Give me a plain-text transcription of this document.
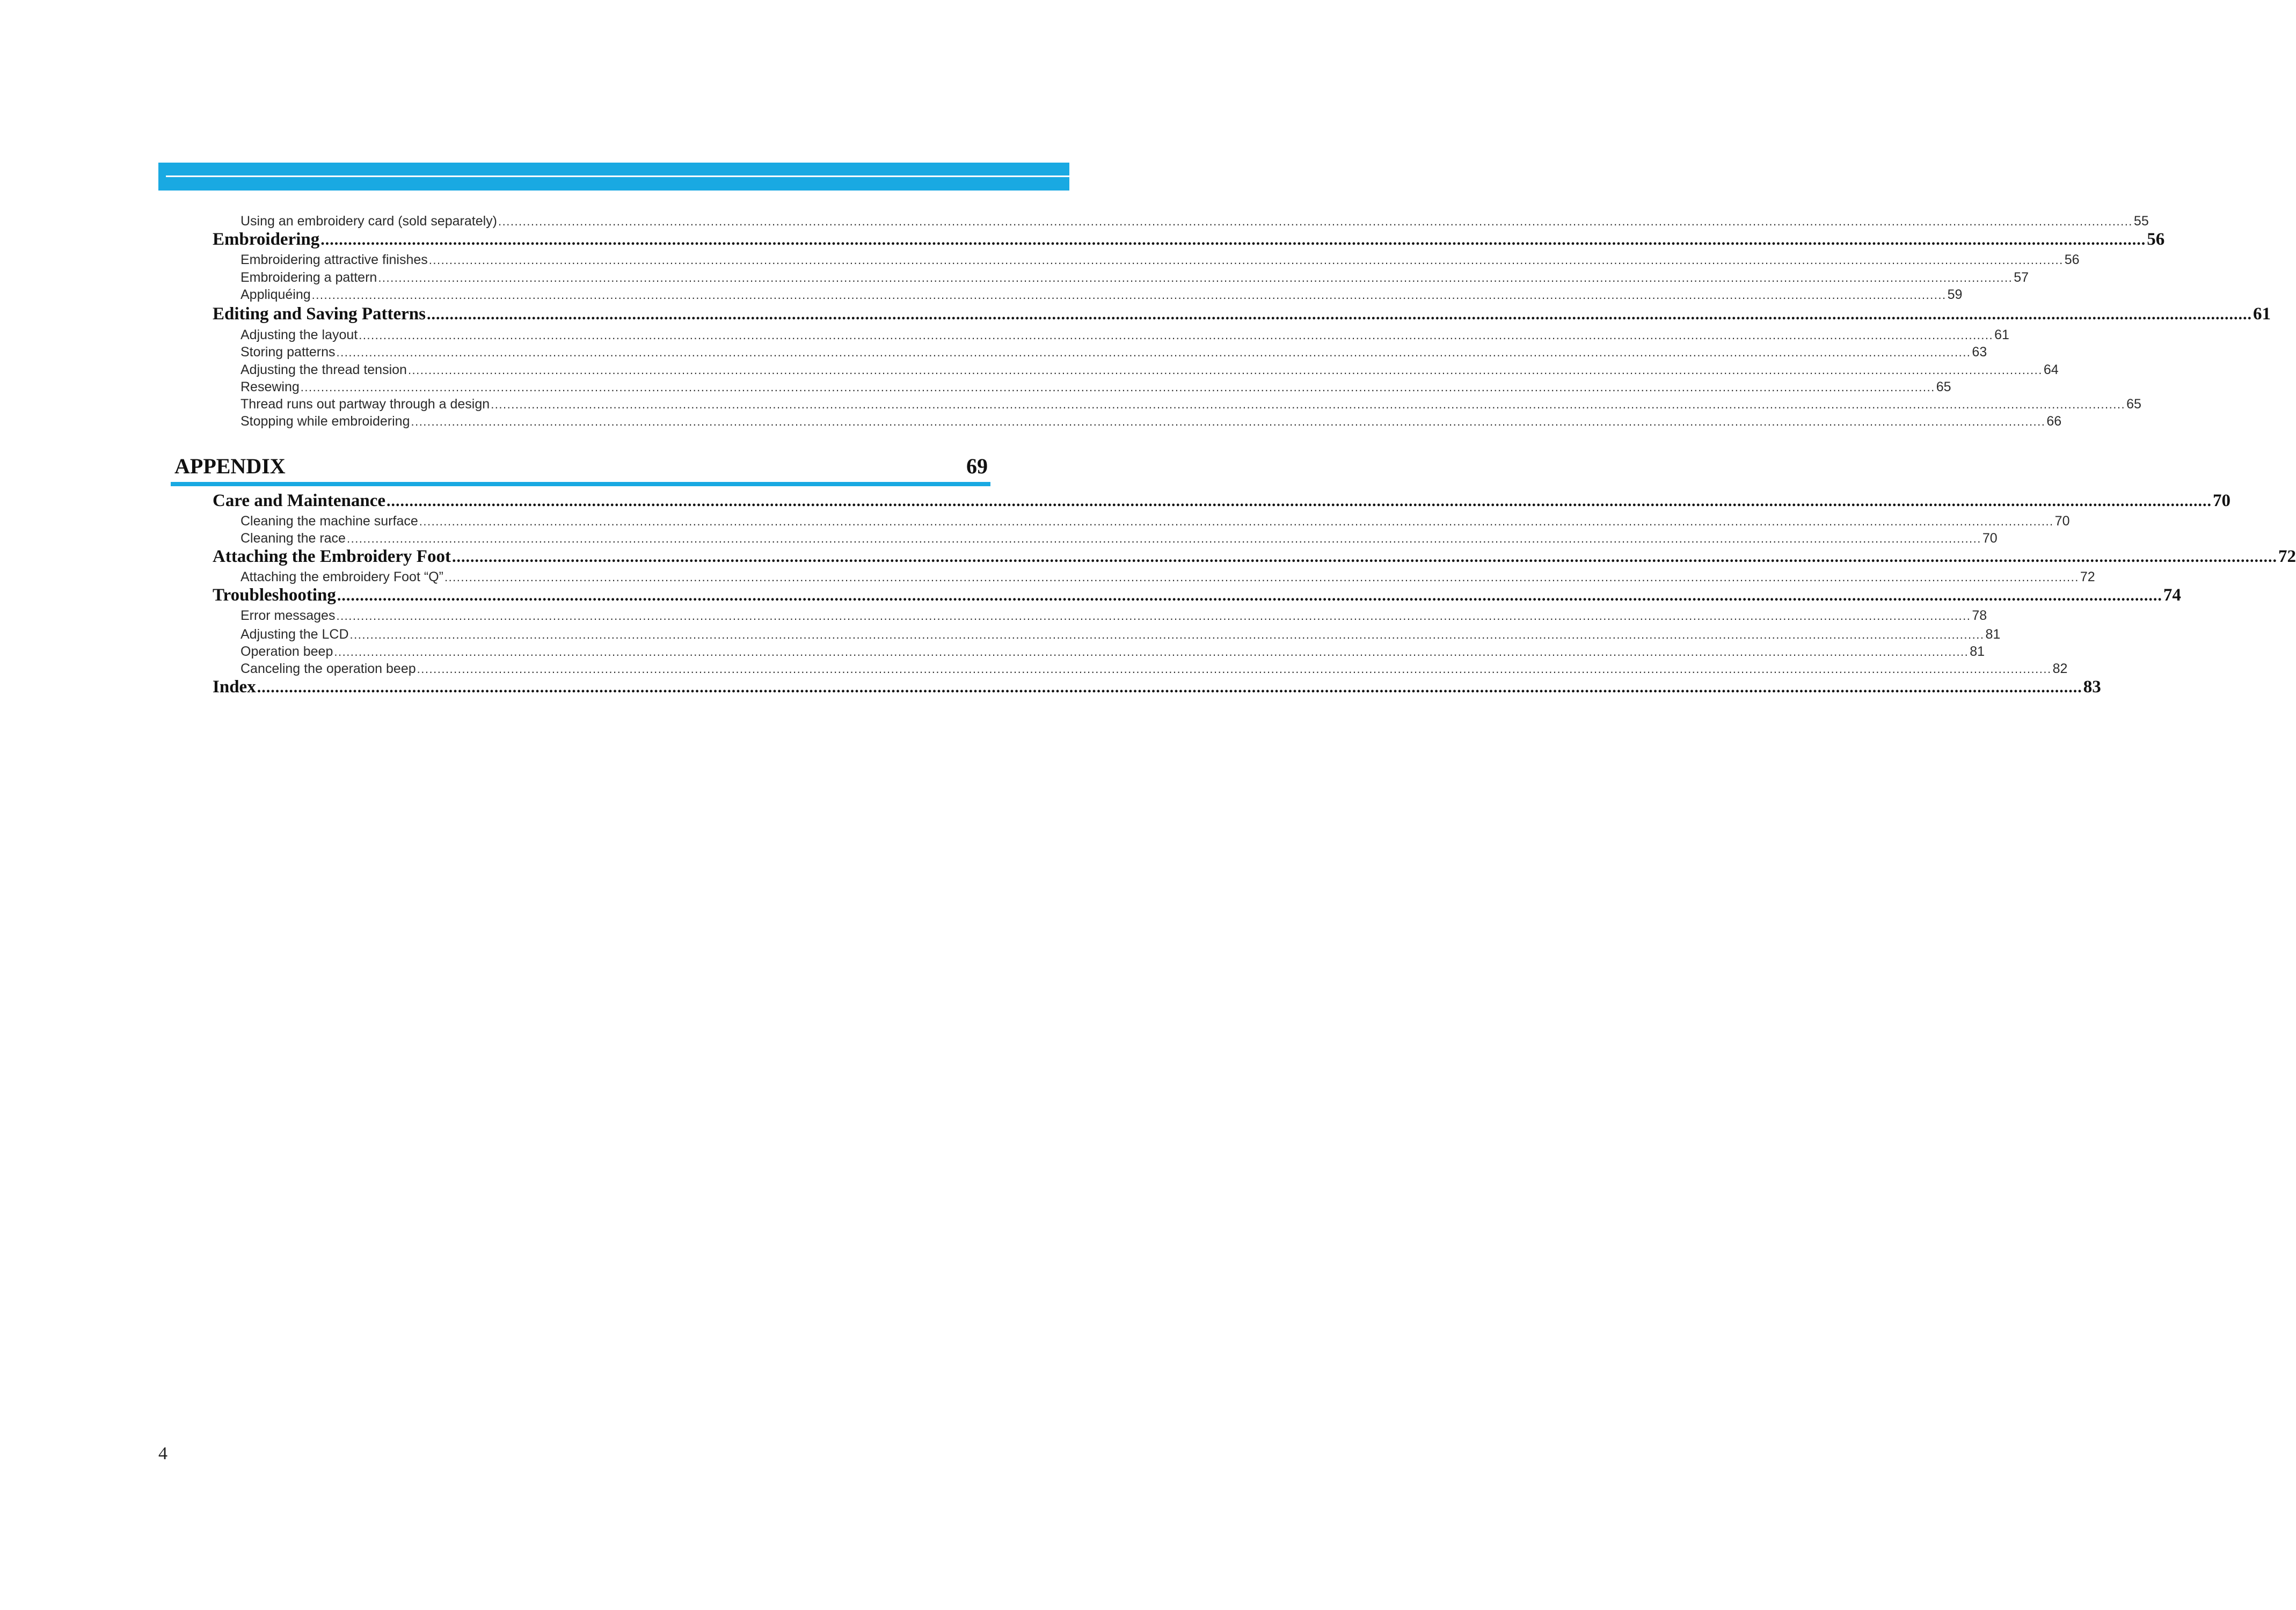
Using an embroidery card (sold separately) ................................................................................................................................................................................................................................................................................................................................................................................................................ 55
Embroidering ................................................................................................................................................................................................................................................................................................................................................................................................................ 56
Embroidering attractive finishes ................................................................................................................................................................................................................................................................................................................................................................................................................ 56
Embroidering a pattern ................................................................................................................................................................................................................................................................................................................................................................................................................ 57
Appliquéing ................................................................................................................................................................................................................................................................................................................................................................................................................ 59
Editing and Saving Patterns ................................................................................................................................................................................................................................................................................................................................................................................................................ 61
Adjusting the layout ................................................................................................................................................................................................................................................................................................................................................................................................................ 61
Storing patterns ................................................................................................................................................................................................................................................................................................................................................................................................................ 63
Adjusting the thread tension ................................................................................................................................................................................................................................................................................................................................................................................................................ 64
Resewing ................................................................................................................................................................................................................................................................................................................................................................................................................ 65
Thread runs out partway through a design ................................................................................................................................................................................................................................................................................................................................................................................................................ 65
Stopping while embroidering ................................................................................................................................................................................................................................................................................................................................................................................................................ 66
APPENDIX	69
Care and Maintenance ................................................................................................................................................................................................................................................................................................................................................................................................................ 70
Cleaning the machine surface ................................................................................................................................................................................................................................................................................................................................................................................................................ 70
Cleaning the race ................................................................................................................................................................................................................................................................................................................................................................................................................ 70
Attaching the Embroidery Foot ................................................................................................................................................................................................................................................................................................................................................................................................................ 72
Attaching the embroidery Foot “Q” ................................................................................................................................................................................................................................................................................................................................................................................................................ 72
Troubleshooting ................................................................................................................................................................................................................................................................................................................................................................................................................ 74
Error messages ................................................................................................................................................................................................................................................................................................................................................................................................................ 78
Adjusting the LCD ................................................................................................................................................................................................................................................................................................................................................................................................................ 81
Operation beep ................................................................................................................................................................................................................................................................................................................................................................................................................ 81
Canceling the operation beep ................................................................................................................................................................................................................................................................................................................................................................................................................ 82
Index ................................................................................................................................................................................................................................................................................................................................................................................................................ 83
4
